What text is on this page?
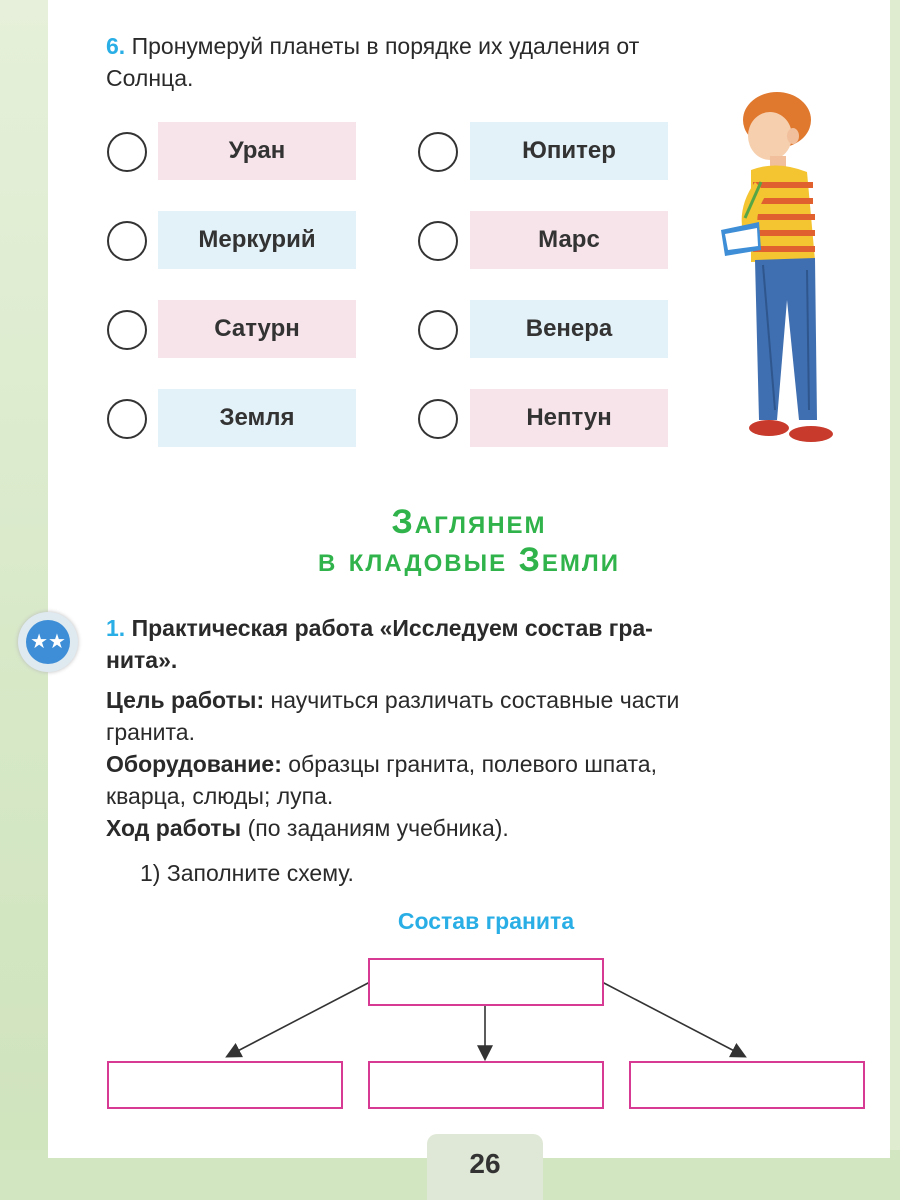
6. Пронумеруй планеты в порядке их удаления от
Солнца.
Уран	Юпитер
Меркурий	Марс
Сатурн	Венера
Земля	Нептун
Заглянем
в кладовые Земли
★★
1. Практическая работа «Исследуем состав гра-
нита».
Цель работы: научиться различать составные части
гранита.
Оборудование: образцы гранита, полевого шпата,
кварца, слюды; лупа.
Ход работы (по заданиям учебника).
1) Заполните схему.
Состав гранита
26
